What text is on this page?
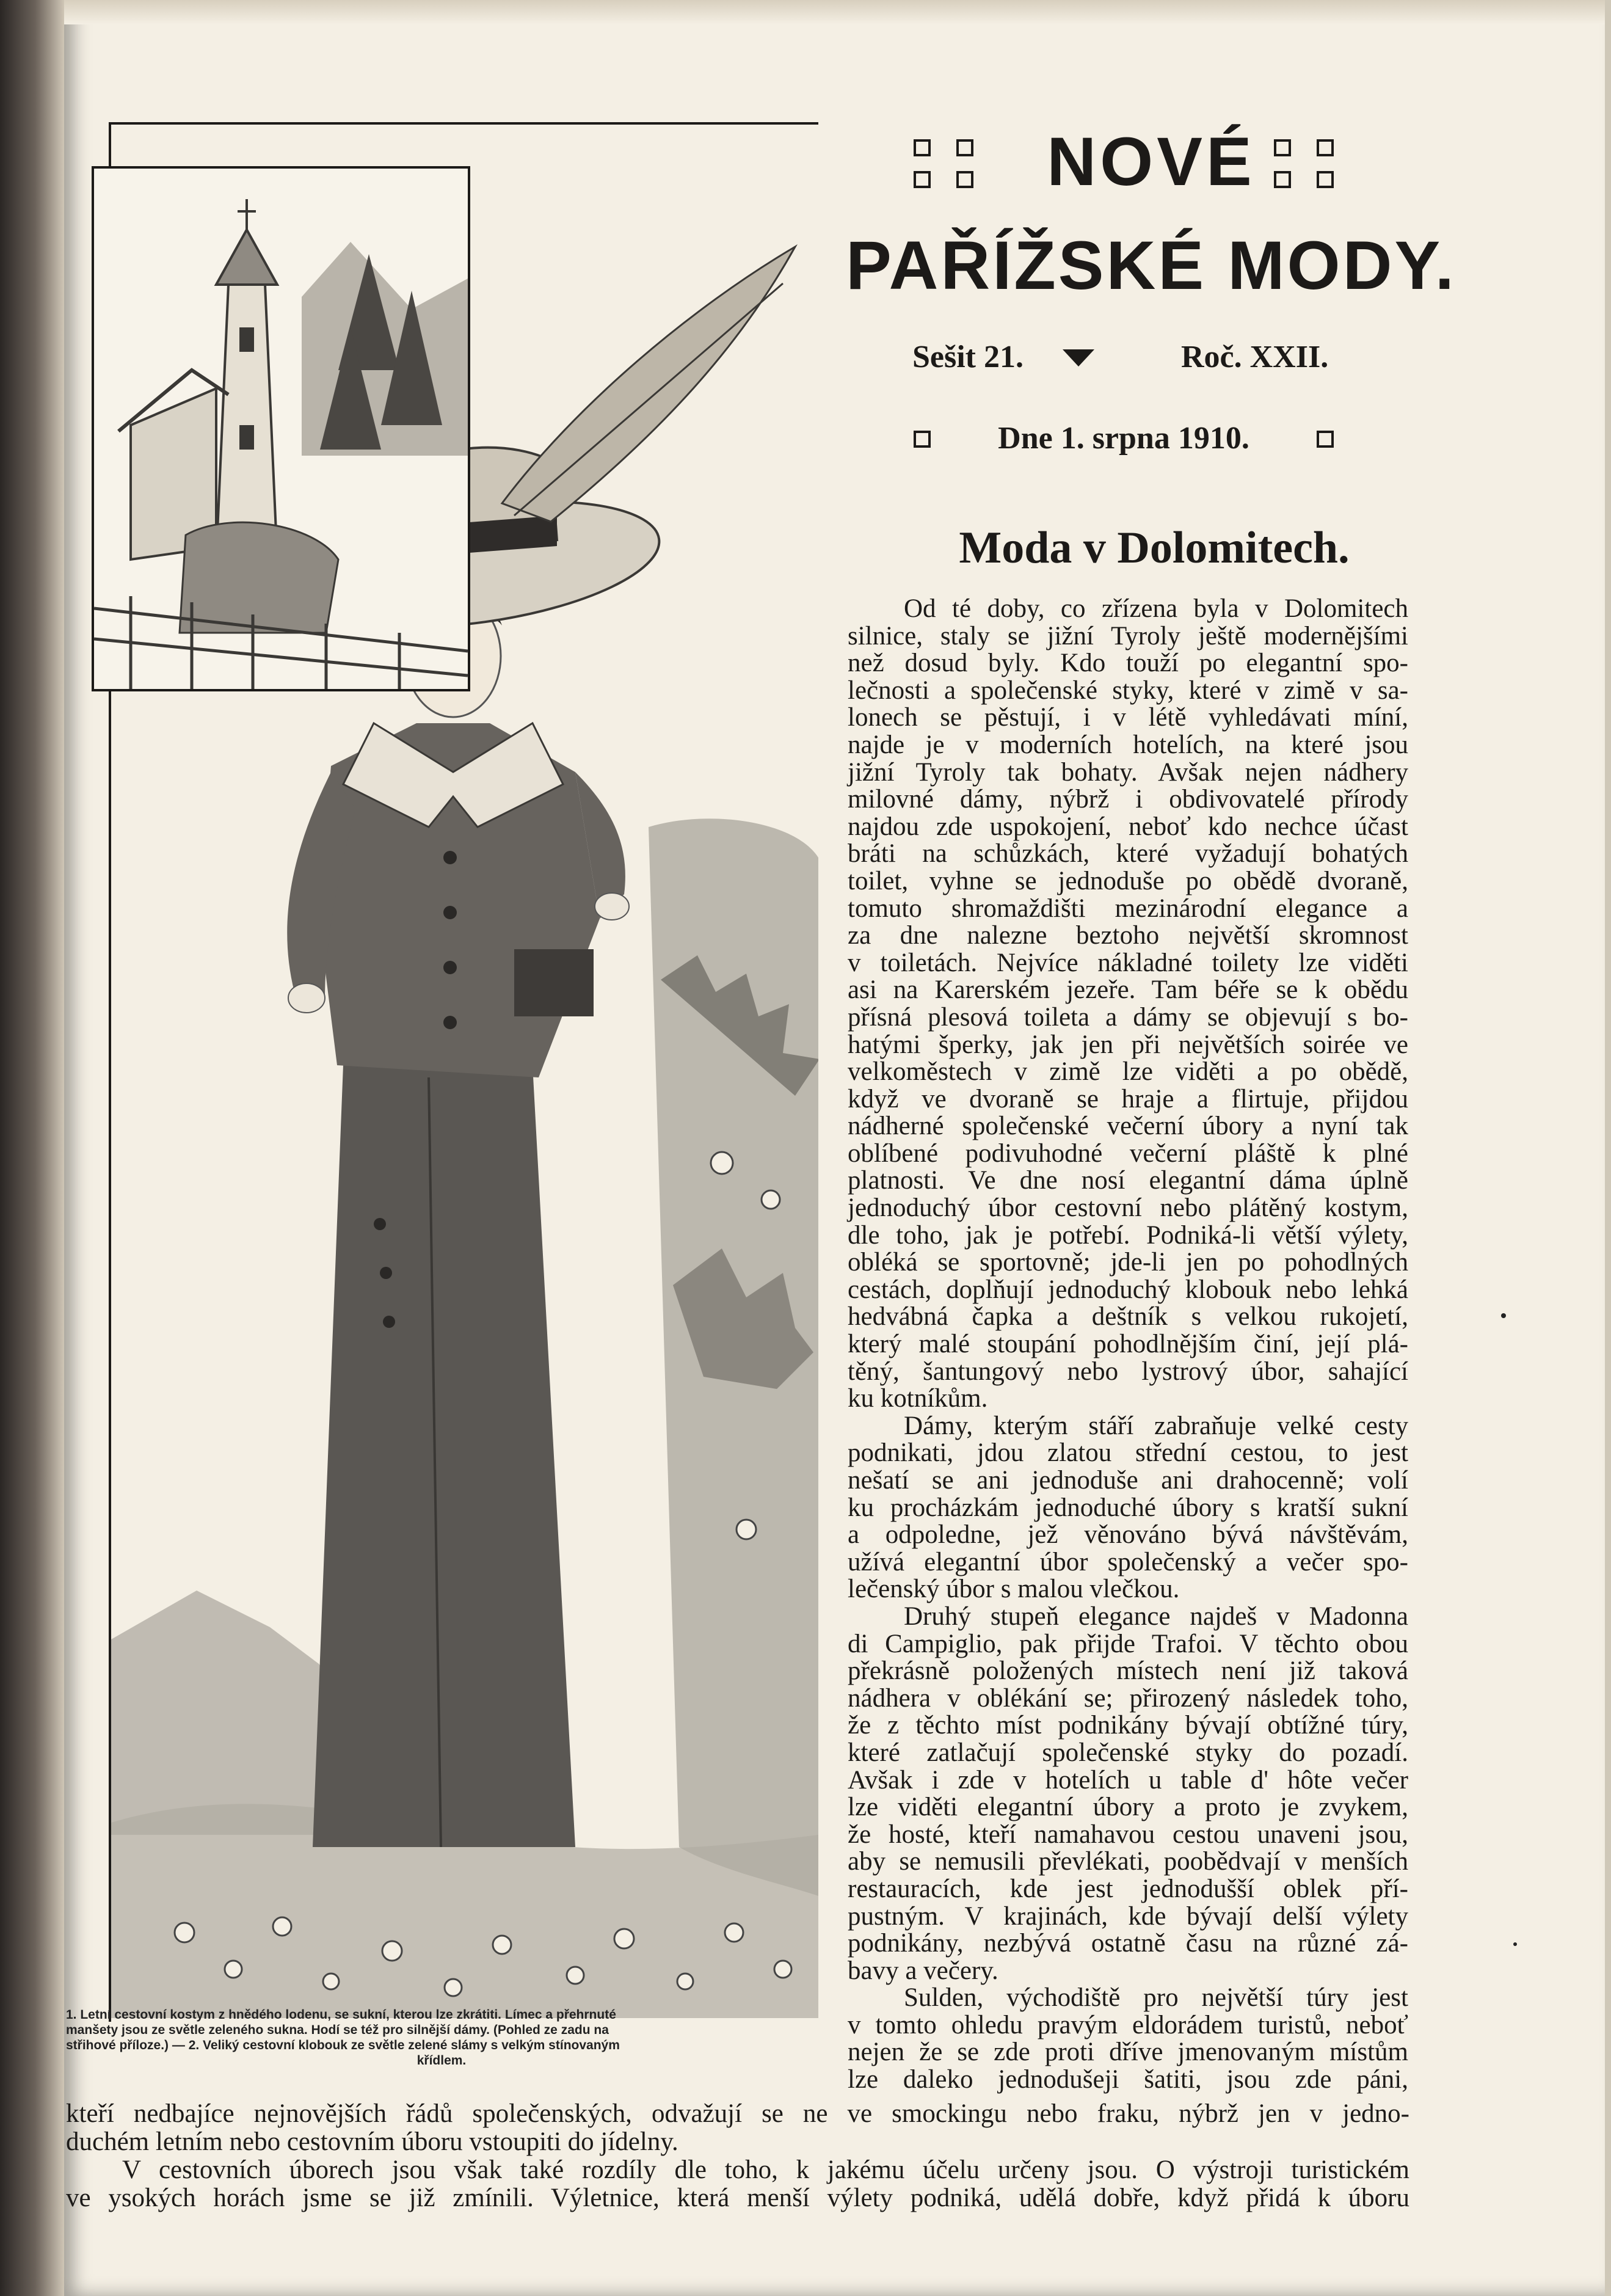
1. Letní cestovní kostym z hnědého lodenu, se sukní, kterou lze zkrátiti. Límec a přehrnuté
manšety jsou ze světle zeleného sukna. Hodí se též pro silnější dámy. (Pohled ze zadu na
střihové příloze.) — 2. Veliký cestovní klobouk ze světle zelené slámy s velkým stínovaným
křídlem.
NOVÉ
PAŘÍŽSKÉ MODY.
Sešit 21.	Roč. XXII.
Dne 1. srpna 1910.
Moda v Dolomitech.

Od té doby, co zřízena byla v Dolomitech

silnice, staly se jižní Tyroly ještě modernějšími

než dosud byly. Kdo touží po elegantní spo-

lečnosti a společenské styky, které v zimě v sa-

lonech se pěstují, i v létě vyhledávati míní,

najde je v moderních hotelích, na které jsou

jižní Tyroly tak bohaty. Avšak nejen nádhery

milovné dámy, nýbrž i obdivovatelé přírody

najdou zde uspokojení, neboť kdo nechce účast

bráti na schůzkách, které vyžadují bohatých

toilet, vyhne se jednoduše po obědě dvoraně,

tomuto shromaždišti mezinárodní elegance a

za dne nalezne beztoho největší skromnost

v toiletách. Nejvíce nákladné toilety lze viděti

asi na Karerském jezeře. Tam béře se k obědu

přísná plesová toileta a dámy se objevují s bo-

hatými šperky, jak jen při největších soirée ve

velkoměstech v zimě lze viděti a po obědě,

když ve dvoraně se hraje a flirtuje, přijdou

nádherné společenské večerní úbory a nyní tak

oblíbené podivuhodné večerní pláště k plné

platnosti. Ve dne nosí elegantní dáma úplně

jednoduchý úbor cestovní nebo plátěný kostym,

dle toho, jak je potřebí. Podniká-li větší výlety,

obléká se sportovně; jde-li jen po pohodlných

cestách, doplňují jednoduchý klobouk nebo lehká

hedvábná čapka a deštník s velkou rukojetí,

který malé stoupání pohodlnějším činí, její plá-

těný, šantungový nebo lystrový úbor, sahající

ku kotníkům.

Dámy, kterým stáří zabraňuje velké cesty

podnikati, jdou zlatou střední cestou, to jest

nešatí se ani jednoduše ani drahocenně; volí

ku procházkám jednoduché úbory s kratší sukní

a odpoledne, jež věnováno bývá návštěvám,

užívá elegantní úbor společenský a večer spo-

lečenský úbor s malou vlečkou.

Druhý stupeň elegance najdeš v Madonna

di Campiglio, pak přijde Trafoi. V těchto obou

překrásně položených místech není již taková

nádhera v oblékání se; přirozený následek toho,

že z těchto míst podnikány bývají obtížné túry,

které zatlačují společenské styky do pozadí.

Avšak i zde v hotelích u table d' hôte večer

lze viděti elegantní úbory a proto je zvykem,

že hosté, kteří namahavou cestou unaveni jsou,

aby se nemusili převlékati, poobědvají v menších

restauracích, kde jest jednodušší oblek pří-

pustným. V krajinách, kde bývají delší výlety

podnikány, nezbývá ostatně času na různé zá-

bavy a večery.

Sulden, východiště pro největší túry jest

v tomto ohledu pravým eldorádem turistů, neboť

nejen že se zde proti dříve jmenovaným místům

lze daleko jednodušeji šatiti, jsou zde páni,

kteří nedbajíce nejnovějších řádů společenských, odvažují se ne ve smockingu nebo fraku, nýbrž jen v jedno-

duchém letním nebo cestovním úboru vstoupiti do jídelny.

V cestovních úborech jsou však také rozdíly dle toho, k jakému účelu určeny jsou. O výstroji turistickém

ve ysokých horách jsme se již zmínili. Výletnice, která menší výlety podniká, udělá dobře, když přidá k úboru
